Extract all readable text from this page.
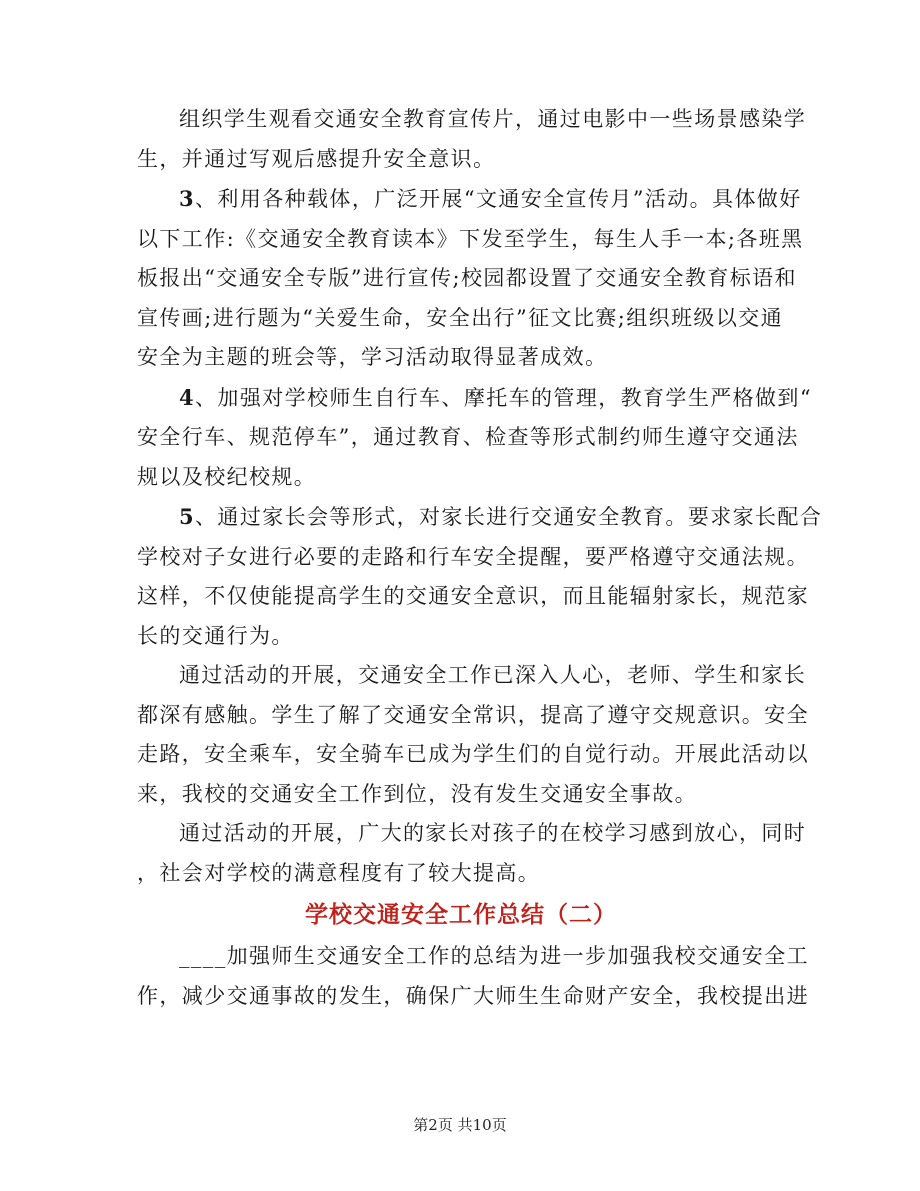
组织学生观看交通安全教育宣传片，通过电影中一些场景感染学
生，并通过写观后感提升安全意识。
3、利用各种载体，广泛开展“文通安全宣传月”活动。具体做好
以下工作:《交通安全教育读本》下发至学生，每生人手一本;各班黑
板报出“交通安全专版”进行宣传;校园都设置了交通安全教育标语和
宣传画;进行题为“关爱生命，安全出行”征文比赛;组织班级以交通
安全为主题的班会等，学习活动取得显著成效。
4、加强对学校师生自行车、摩托车的管理，教育学生严格做到“
安全行车、规范停车”，通过教育、检查等形式制约师生遵守交通法
规以及校纪校规。
5、通过家长会等形式，对家长进行交通安全教育。要求家长配合
学校对子女进行必要的走路和行车安全提醒，要严格遵守交通法规。
这样，不仅使能提高学生的交通安全意识，而且能辐射家长，规范家
长的交通行为。
通过活动的开展，交通安全工作已深入人心，老师、学生和家长
都深有感触。学生了解了交通安全常识，提高了遵守交规意识。安全
走路，安全乘车，安全骑车已成为学生们的自觉行动。开展此活动以
来，我校的交通安全工作到位，没有发生交通安全事故。
通过活动的开展，广大的家长对孩子的在校学习感到放心，同时
，社会对学校的满意程度有了较大提高。
学校交通安全工作总结（二）
____加强师生交通安全工作的总结为进一步加强我校交通安全工
作，减少交通事故的发生，确保广大师生生命财产安全，我校提出进
第2页 共10页
